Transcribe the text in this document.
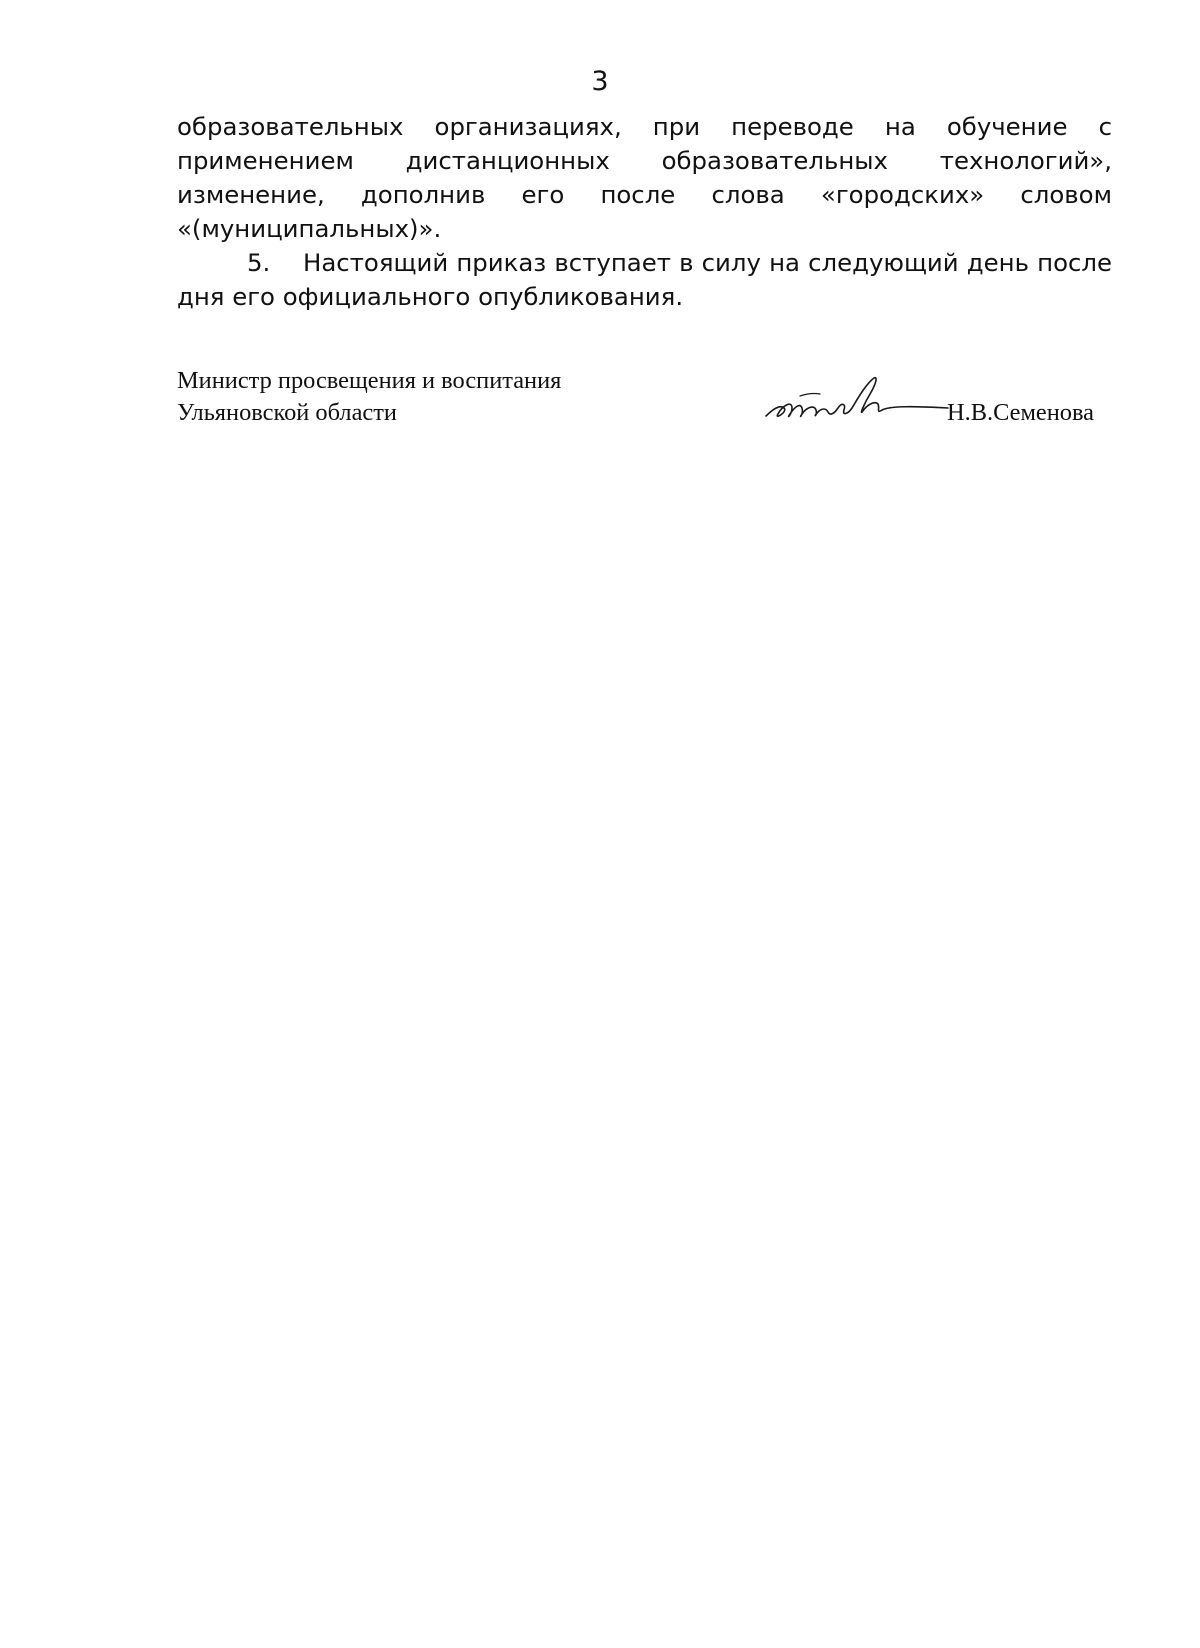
3

образовательных организациях, при переводе на обучение с применением дистанционных образовательных технологий», изменение, дополнив его после слова «городских» словом «(муниципальных)».

5. Настоящий приказ вступает в силу на следующий день после дня его официального опубликования.

Министр просвещения и воспитания
Ульяновской области	Н.В.Семенова
